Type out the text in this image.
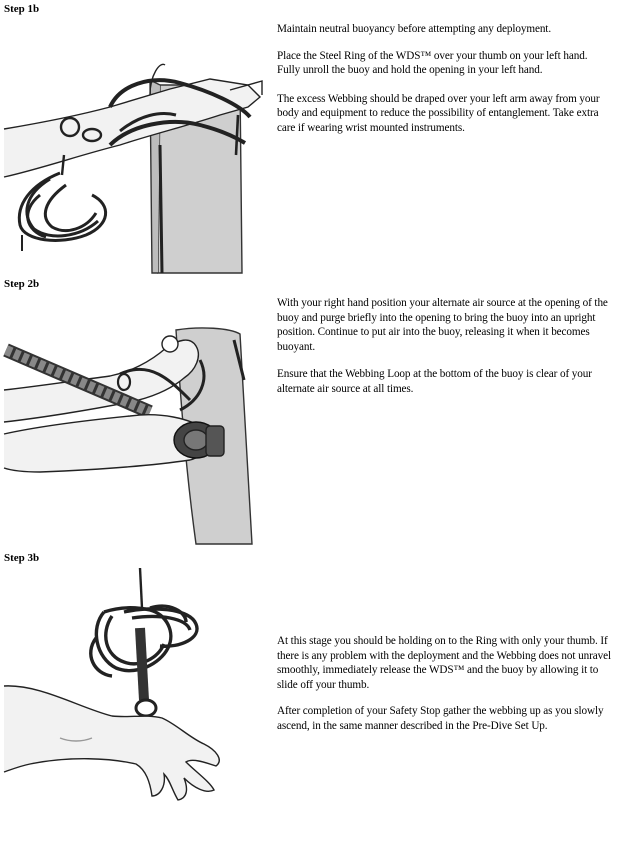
Step 1b

Maintain neutral buoyancy before attempting any deployment.

Place the Steel Ring of the WDS™ over your thumb on your left hand. Fully unroll the buoy and hold the opening in your left hand.

The excess Webbing should be draped over your left arm away from your body and equipment to reduce the possibility of entanglement. Take extra care if wearing wrist mounted instruments.

Step 2b

With your right hand position your alternate air source at the opening of the buoy and purge briefly into the opening to bring the buoy into an upright position. Continue to put air into the buoy, releasing it when it becomes buoyant.

Ensure that the Webbing Loop at the bottom of the buoy is clear of your alternate air source at all times.

Step 3b

At this stage you should be holding on to the Ring with only your thumb. If there is any problem with the deployment and the Webbing does not unravel smoothly, immediately release the WDS™ and the buoy by allowing it to slide off your thumb.

After completion of your Safety Stop gather the webbing up as you slowly ascend, in the same manner described in the Pre-Dive Set Up.
